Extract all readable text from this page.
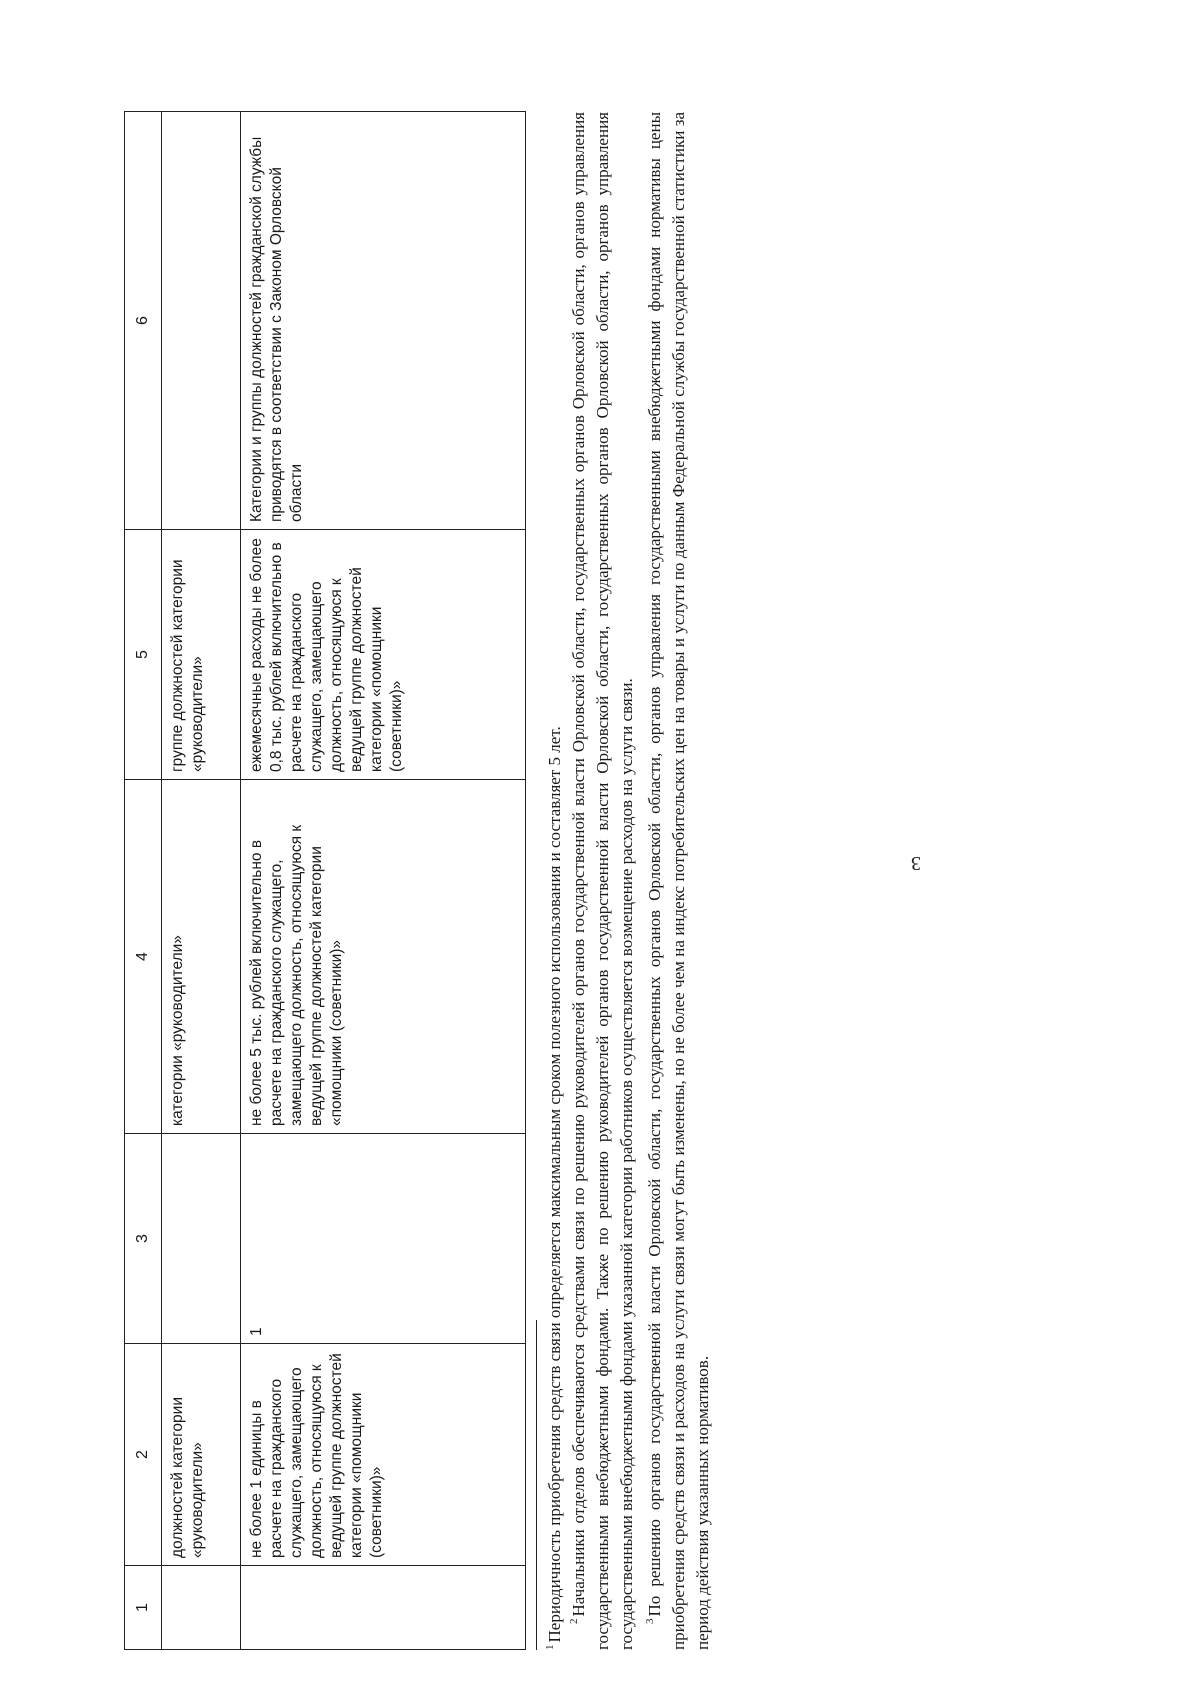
3
1	2	3	4	5	6
	должностей категории «руководители»		категории «руководители»	группе должностей категории «руководители»	
	не более 1 единицы в расчете на гражданского служащего, замещающего должность, относящуюся к ведущей группе должностей категории «помощники (советники)»	1	не более 5 тыс. рублей включительно в расчете на гражданского служащего, замещающего должность, относящуюся к ведущей группе должностей категории «помощники (советники)»	ежемесячные расходы не более 0,8 тыс. рублей включительно в расчете на гражданского служащего, замещающего должность, относящуюся к ведущей группе должностей категории «помощники (советники)»	Категории и группы должностей гражданской службы приводятся в соответствии с Законом Орловской области

$^1$Периодичность приобретения средств связи определяется максимальным сроком полезного использования и составляет 5 лет. $^2$Начальники отделов обеспечиваются средствами связи по решению руководителей органов государственной власти Орловской области, государственных органов Орловской области, органов управления государственными внебюджетными фондами. Также по решению руководителей органов государственной власти Орловской области, государственных органов Орловской области, органов управления государственными внебюджетными фондами указанной категории работников осуществляется возмещение расходов на услуги связи. $^3$По решению органов государственной власти Орловской области, государственных органов Орловской области, органов управления государственными внебюджетными фондами нормативы цены приобретения средств связи и расходов на услуги связи могут быть изменены, но не более чем на индекс потребительских цен на товары и услуги по данным Федеральной службы государственной статистики за период действия указанных нормативов.
